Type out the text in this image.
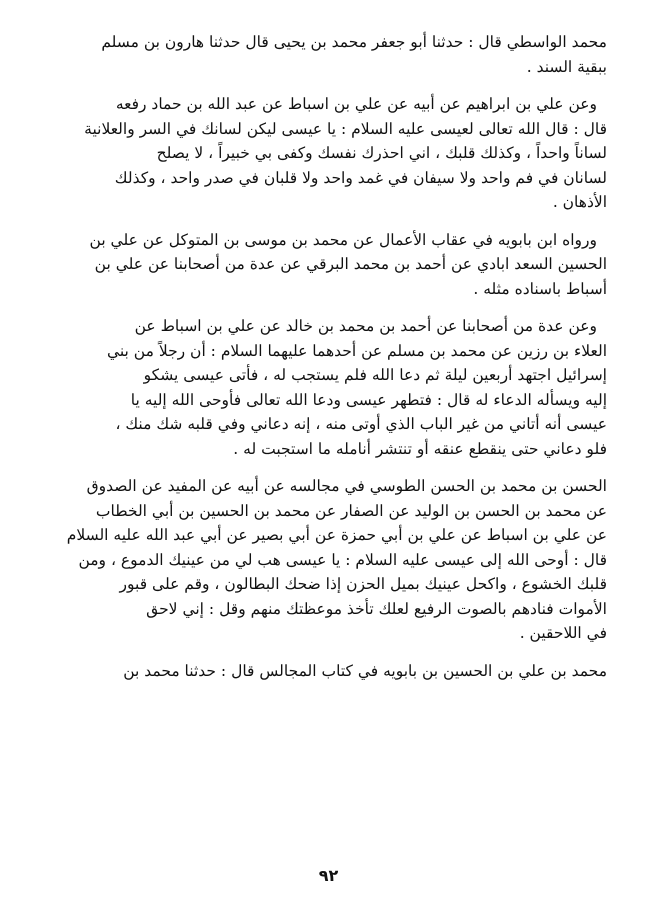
محمد الواسطي قال : حدثنا أبو جعفر محمد بن يحيى قال حدثنا هارون بن مسلم
ببقية السند .
وعن علي بن ابراهيم عن أبيه عن علي بن اسباط عن عبد الله بن حماد رفعه
قال : قال الله تعالى لعيسى عليه السلام : يا عيسى ليكن لسانك في السر والعلانية
لساناً واحداً ، وكذلك قلبك ، اني احذرك نفسك وكفى بي خبيراً ، لا يصلح
لسانان في فم واحد ولا سيفان في غمد واحد ولا قلبان في صدر واحد ، وكذلك
الأذهان .
ورواه ابن بابويه في عقاب الأعمال عن محمد بن موسى بن المتوكل عن علي بن
الحسين السعد ابادي عن أحمد بن محمد البرقي عن عدة من أصحابنا عن علي بن
أسباط باسناده مثله .
وعن عدة من أصحابنا عن أحمد بن محمد بن خالد عن علي بن اسباط عن
العلاء بن رزين عن محمد بن مسلم عن أحدهما عليهما السلام : أن رجلاً من بني
إسرائيل اجتهد أربعين ليلة ثم دعا الله فلم يستجب له ، فأتى عيسى يشكو
إليه ويسأله الدعاء له قال : فتطهر عيسى ودعا الله تعالى فأوحى الله إليه يا
عيسى أنه أتاني من غير الباب الذي أوتى منه ، إنه دعاني وفي قلبه شك منك ،
فلو دعاني حتى ينقطع عنقه أو تنتشر أنامله ما استجبت له .
الحسن بن محمد بن الحسن الطوسي في مجالسه عن أبيه عن المفيد عن الصدوق
عن محمد بن الحسن بن الوليد عن الصفار عن محمد بن الحسين بن أبي الخطاب
عن علي بن اسباط عن علي بن أبي حمزة عن أبي بصير عن أبي عبد الله عليه السلام
قال : أوحى الله إلى عيسى عليه السلام : يا عيسى هب لي من عينيك الدموع ، ومن
قلبك الخشوع ، واكحل عينيك بميل الحزن إذا ضحك البطالون ، وقم على قبور
الأموات فنادهم بالصوت الرفيع لعلك تأخذ موعظتك منهم وقل : إني لاحق
في اللاحقين .
محمد بن علي بن الحسين بن بابويه في كتاب المجالس قال : حدثنا محمد بن
٩٢
